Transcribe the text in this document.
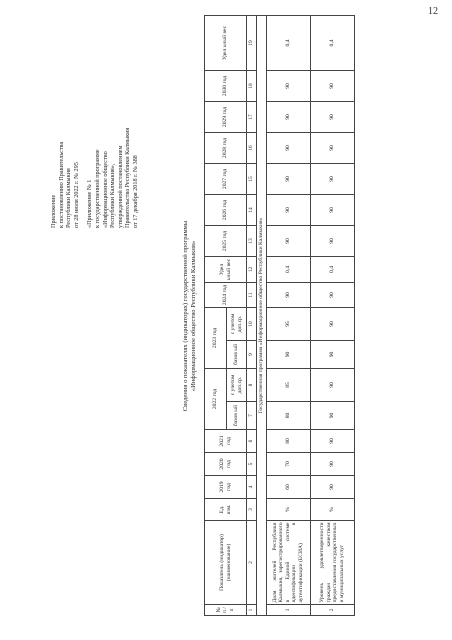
12
Приложение к постановлению Правительства Республики Калмыкия от 28 июля 2022 г. № 295 «Приложение № 1 к государственной программе «Информационное общество Республики Калмыкия», утвержденной постановлением Правительства Республики Калмыкия от 17 декабря 2018 г. № 388
Сведения о показателях (индикаторах) государственной программы «Информационное общество Республики Калмыкия»
№ п / п	Показатель (индикатор) (наименование)	Ед. изм.	2019 год	2020 год	2021 год	2022 год		2023 год		2024 год	Удел ьный вес	2025 год	2026 год	2027 год	2028 год	2029 год	2030 год	Удел ьный вес
						базов ый	с учетом доп.ср.	базов ый	с учетом доп.ср.									
1	2	3	4	5	6	7	8	9	10	11	12	13	14	15	16	17	18	19
Государственная программа «Информационное общество Республики Калмыкия»																		
1	Доля жителей Республики Калмыкия, зарегистрированного в Единой системе идентификации и аутентификации (ЕСИА)	%	60	70	80	80	85	90	95	90	0,4	90	90	90	90	90	90	0,4
2	Уровень удовлетворенности граждан качеством предоставления государственных и муниципальных услуг	%	90	90	90	90	90	90	90	90	0,4	90	90	90	90	90	90	0,4
